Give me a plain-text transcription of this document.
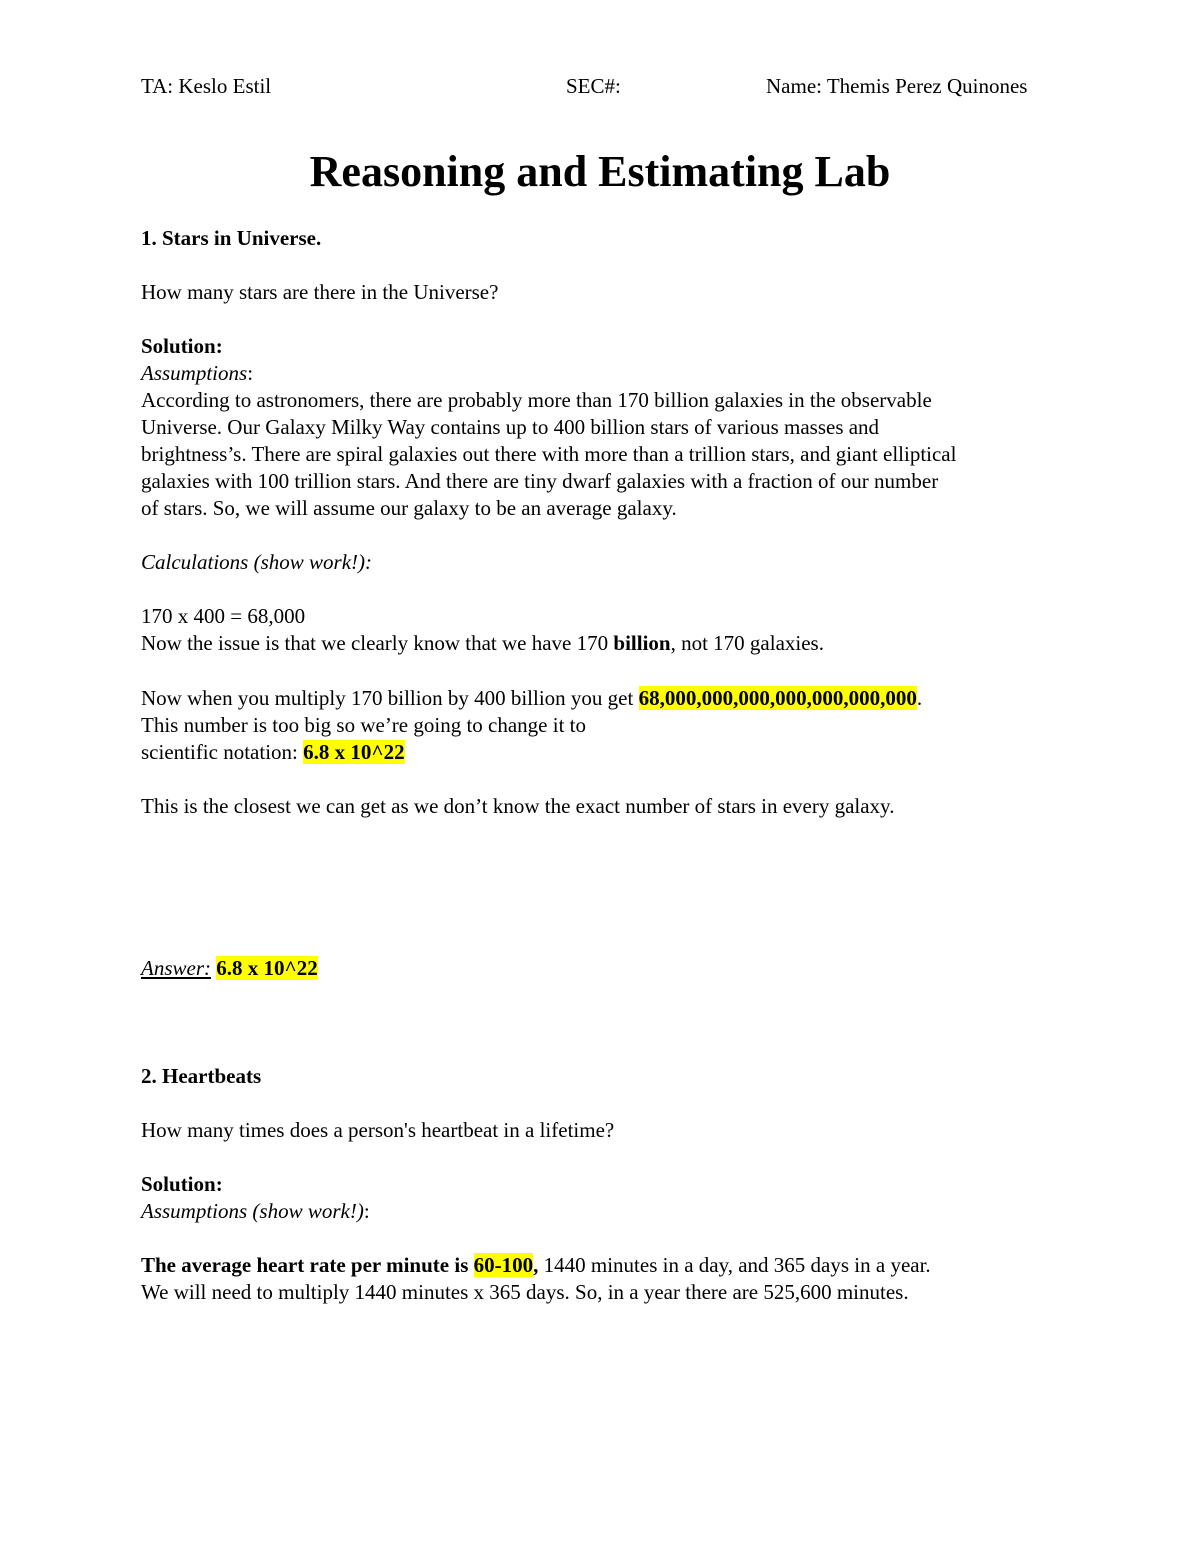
TA: Keslo Estil	SEC#:	Name: Themis Perez Quinones
Reasoning and Estimating Lab
1. Stars in Universe.
How many stars are there in the Universe?
Solution:
Assumptions:
According to astronomers, there are probably more than 170 billion galaxies in the observable
Universe. Our Galaxy Milky Way contains up to 400 billion stars of various masses and
brightness’s. There are spiral galaxies out there with more than a trillion stars, and giant elliptical
galaxies with 100 trillion stars. And there are tiny dwarf galaxies with a fraction of our number
of stars. So, we will assume our galaxy to be an average galaxy.
Calculations (show work!):
170 x 400 = 68,000
Now the issue is that we clearly know that we have 170 billion, not 170 galaxies.
Now when you multiply 170 billion by 400 billion you get 68,000,000,000,000,000,000,000.
This number is too big so we’re going to change it to
scientific notation: 6.8 x 10^22
This is the closest we can get as we don’t know the exact number of stars in every galaxy.
Answer: 6.8 x 10^22
2. Heartbeats
How many times does a person's heartbeat in a lifetime?
Solution:
Assumptions (show work!):
The average heart rate per minute is 60-100, 1440 minutes in a day, and 365 days in a year.
We will need to multiply 1440 minutes x 365 days. So, in a year there are 525,600 minutes.
